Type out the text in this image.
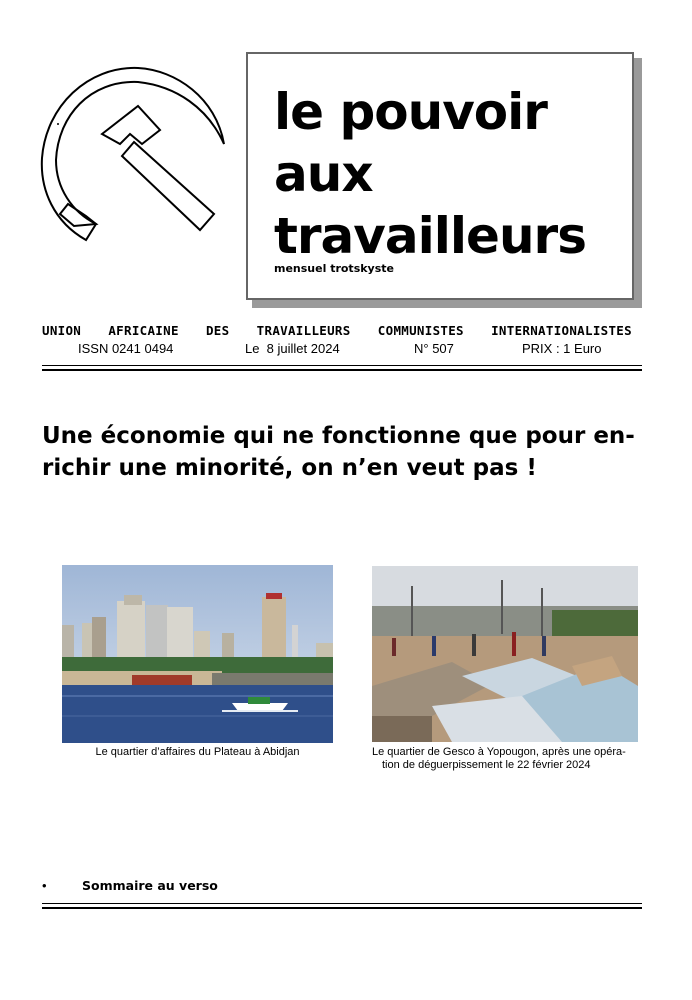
le pouvoir
aux
travailleurs
mensuel trotskyste
UNION AFRICAINE DES TRAVAILLEURS COMMUNISTES INTERNATIONALISTES
ISSN 0241 0494	Le  8 juillet 2024	N° 507	PRIX : 1 Euro
Une économie qui ne fonctionne que pour en-
richir une minorité, on n’en veut pas !
Le quartier d’affaires du Plateau à Abidjan	Le quartier de Gesco à Yopougon, après une opéra-
tion de déguerpissement le 22 février 2024
•	Sommaire au verso
